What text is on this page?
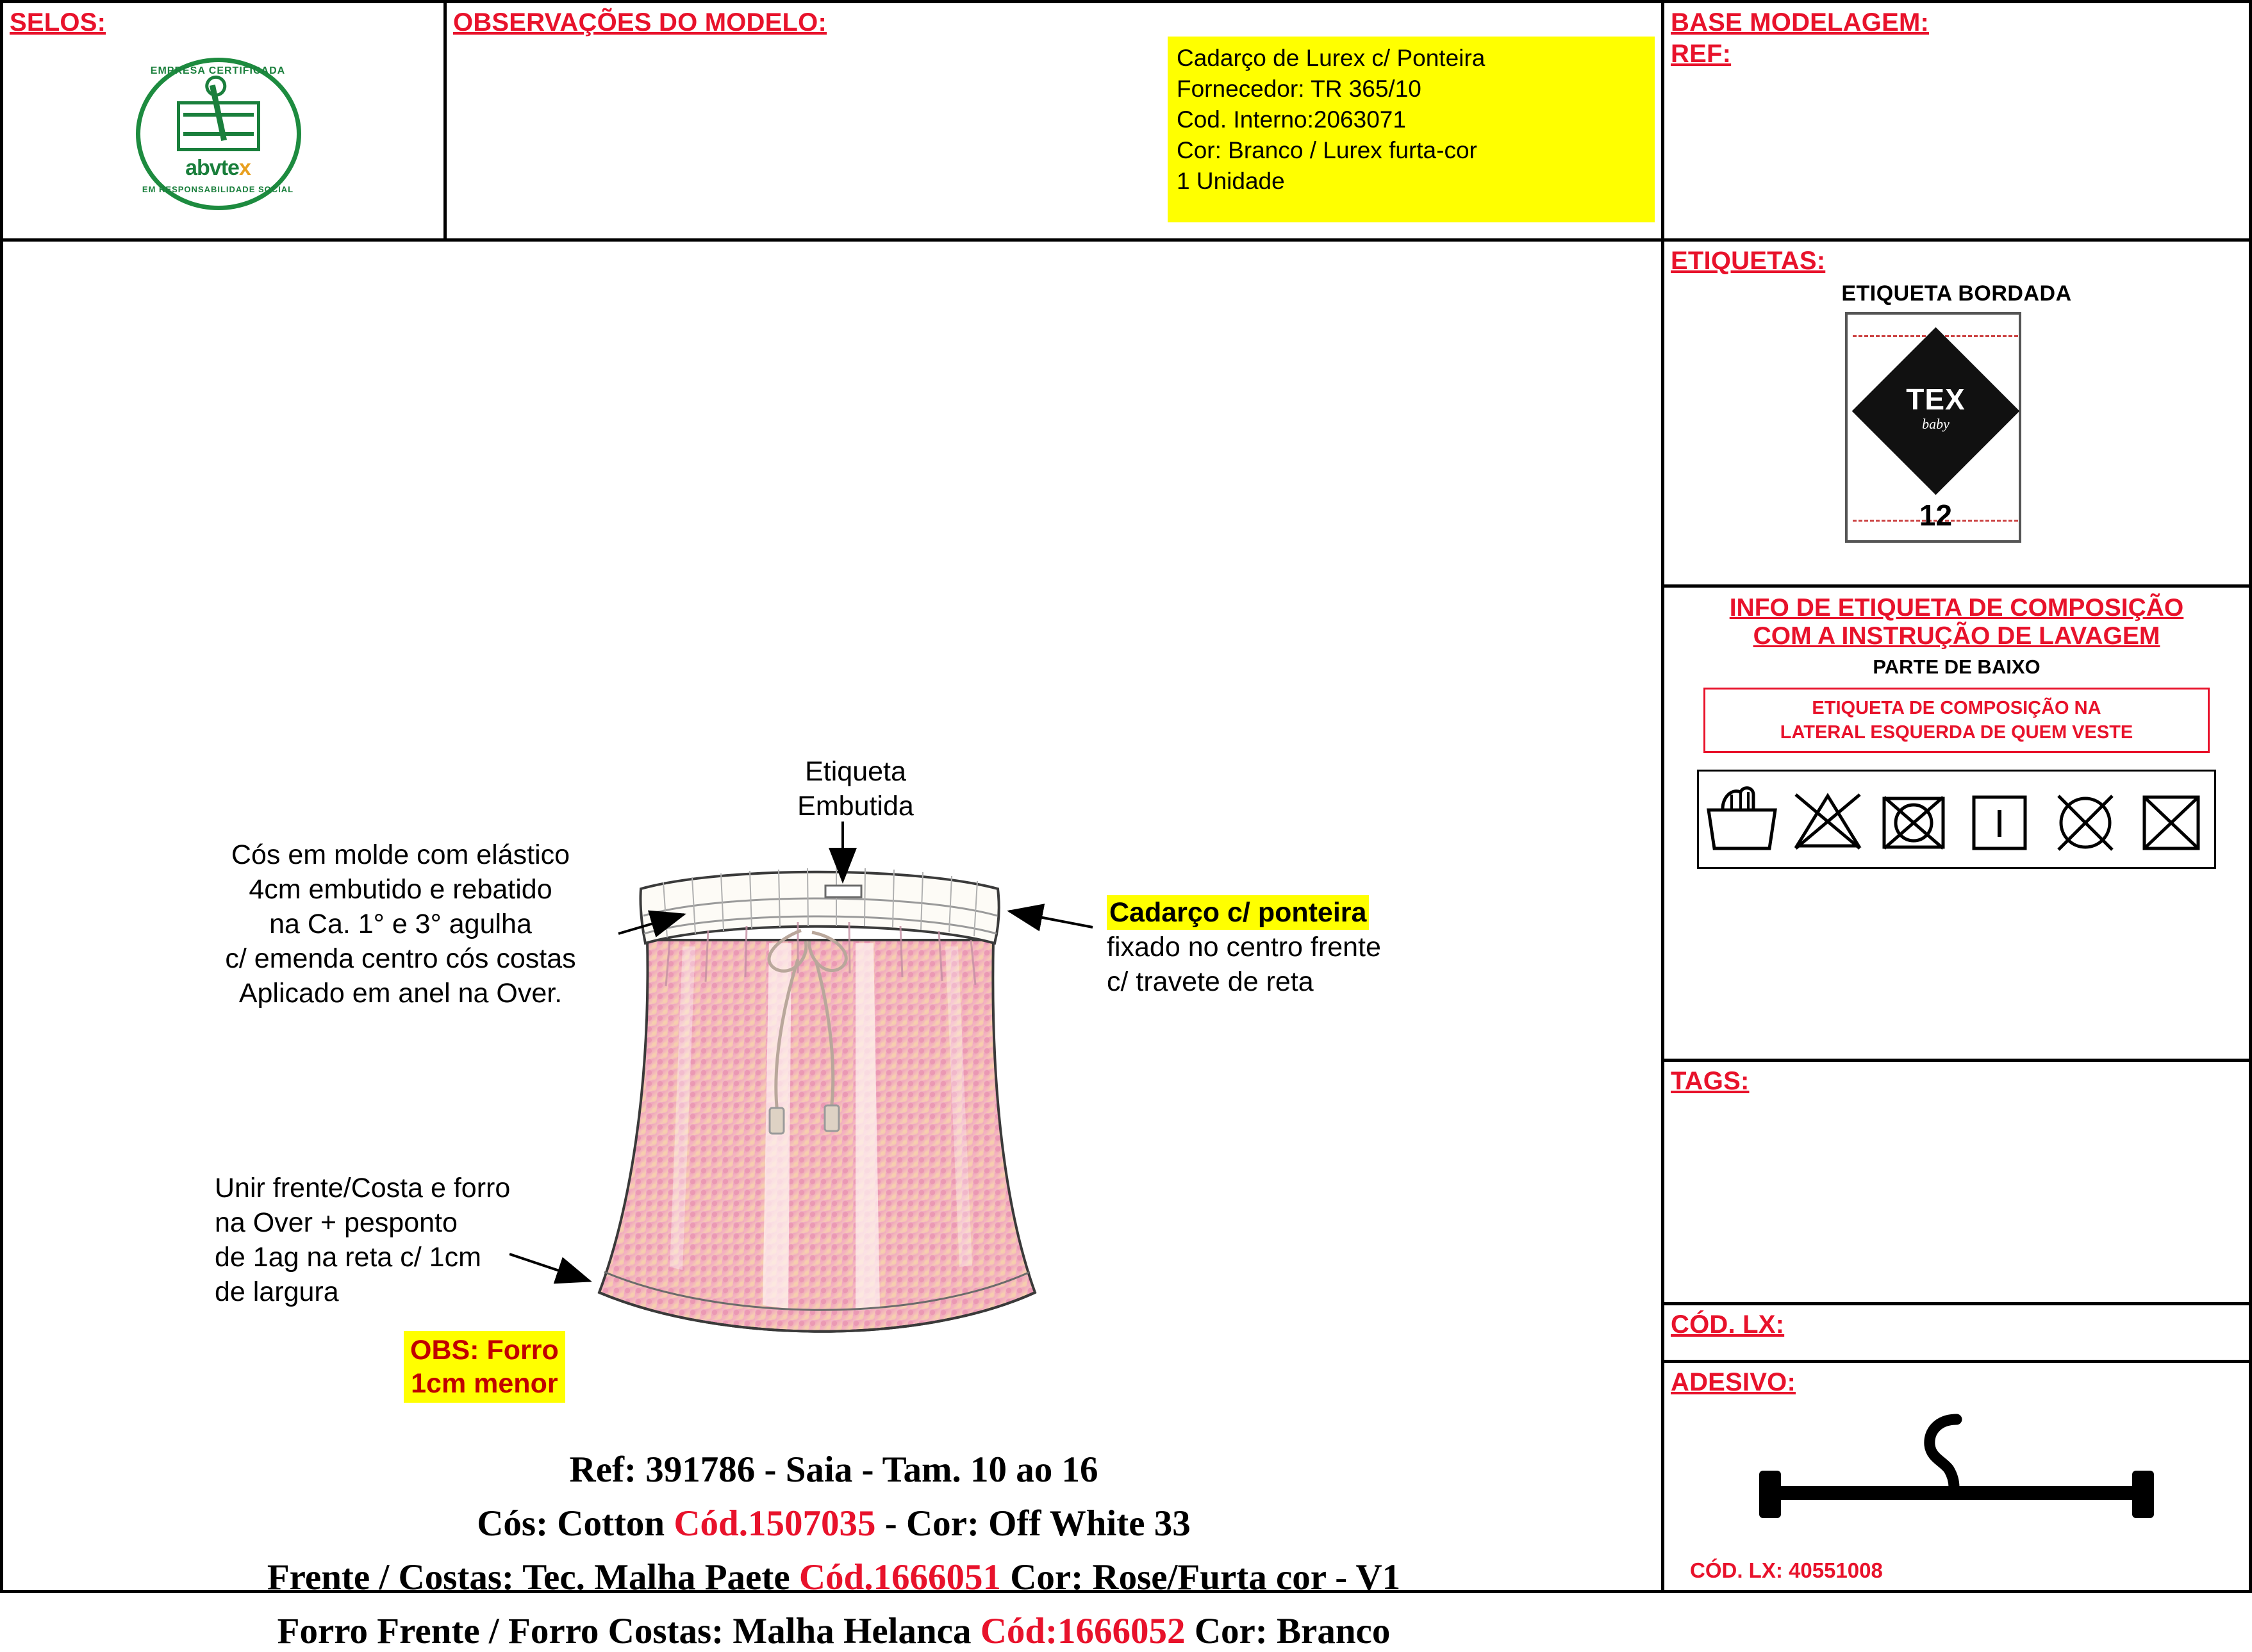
SELOS:
EMPRESA CERTIFICADA
abvtex
EM RESPONSABILIDADE SOCIAL
OBSERVAÇÕES DO MODELO:
Cadarço de Lurex c/ Ponteira
Fornecedor: TR 365/10
Cod. Interno:2063071
Cor: Branco / Lurex furta-cor
1 Unidade
BASE MODELAGEM:
REF:
Etiqueta
Embutida
Cós em molde com elástico
4cm embutido e rebatido
na Ca. 1° e 3° agulha
c/ emenda centro cós costas
Aplicado em anel na Over.
Cadarço c/ ponteira
fixado no centro frente
c/ travete de reta
Unir frente/Costa e forro
na Over + pesponto
de 1ag na reta c/ 1cm
de largura
OBS: Forro
1cm menor
Ref: 391786 - Saia - Tam. 10 ao 16
Cós: Cotton Cód.1507035 - Cor: Off White 33
Frente / Costas: Tec. Malha Paete Cód.1666051 Cor: Rose/Furta cor - V1
Forro Frente / Forro Costas: Malha Helanca Cód:1666052 Cor: Branco
ETIQUETAS:
ETIQUETA BORDADA
TEX
baby
12
INFO DE ETIQUETA DE COMPOSIÇÃO
COM A INSTRUÇÃO DE LAVAGEM
PARTE DE BAIXO
ETIQUETA DE COMPOSIÇÃO NA
LATERAL ESQUERDA DE QUEM VESTE
TAGS:
CÓD. LX:
ADESIVO:
CÓD. LX: 40551008
